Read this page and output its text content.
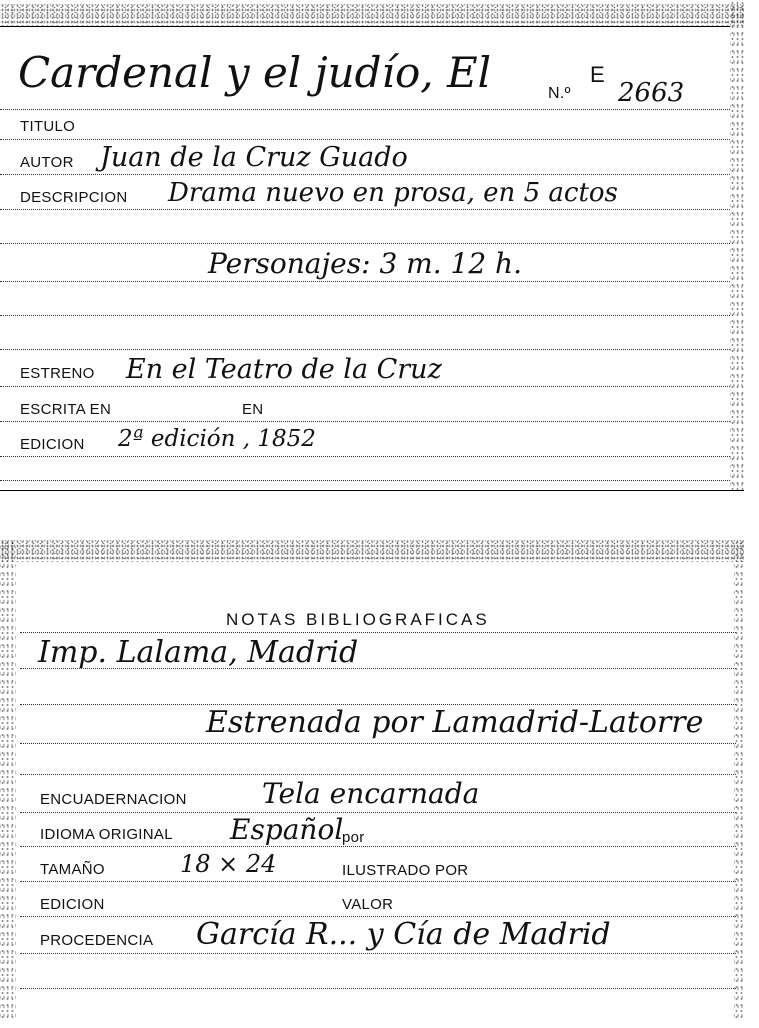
Cardenal y el judío, El	N.º
E
2663
TITULO
AUTOR Juan de la Cruz Guado
DESCRIPCION Drama nuevo en prosa, en 5 actos
Personajes: 3 m. 12 h.
ESTRENO En el Teatro de la Cruz
ESCRITA EN	EN
EDICION 2ª edición , 1852
NOTAS BIBLIOGRAFICAS
Imp. Lalama, Madrid
Estrenada por Lamadrid-Latorre
ENCUADERNACION	Tela encarnada
IDIOMA ORIGINAL Español
por
TAMAÑO	18 × 24	ILUSTRADO POR
EDICION	VALOR
PROCEDENCIA García R... y Cía de Madrid
